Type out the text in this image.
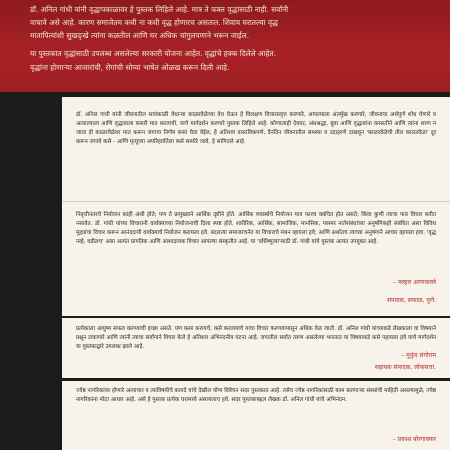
डॉ. अनिल गांधी यांनी वृद्धापकाळावर हे पुस्तक लिहिले आहे. मात्र ते फक्त वृद्धांसाठी नाही. सर्वांनी

वाचावे असे आहे. कारण समाजेतम कधी ना कधी वृद्ध होणारच असतात. शिवाय घरातल्या वृद्ध

मातापित्यांशी सुखद्ःखे त्यांना कळतील आणि घर अधिक चांगुलपणाने भरून जाईल.

या पुस्तकात वृद्धांसाठी उपलब्ध असलेल्या सरकारी योजना आहेत. वृद्धांचे हक्क दिलेले आहेत.

वृद्धांना होणाऱ्या आजारांची, रोगांची सोप्या भाषेत ओळख करून दिली आहे.

डॉ. अनिल गांधी यांनी जीवनातील सायंकाळी वेधाऱ्या काळरवेळेच्या वेध घेऊन हे विलक्षण विचारप्रवृत्त करणारे, आपल्याला अंतर्मुख करणारे, जीवनाचा अर्थपूर्ण शोध घेणारे व अत्याल्याला आणि वृद्धत्वाला कसरी मात करायची, याचे मार्गदर्शन करणारे पुस्तक लिहिले आहे. कोणालाही देवघर, अंधश्रद्धा, बुवा आणि वृद्धत्वांना कसरतीने आणि त्यांना शरण न जाता ही काळरवेळेवर मात करून जगाचा निर्णय कसा घेता येईल, हे अतिशय वास्तविकपणे, दैनंदिन जीवनातील समस्या व उदाहरणे दाखवून 'काळरवेळेची तील काळरवेळा' दूर करून जगावे कसे - आणि मृत्यूच्या अपरिहार्यतेला कसे सामोरे जावे, हे सांगितले आहे.

निवृत्तीनंतरचे नियोजन कांही अंशी होते; पण ते प्रामुख्याने आर्थिक दृष्टीने होते. आर्थिक व्यवस्थेचे नियोजन मात्र फारच क्वचित होत असते; किंवा कुणी त्याचा फार विचार करीत नसावेत. डॉ. गांधी यांच्या विचारानी वार्धक्याच्या नियोजनाची दिशा स्पष्ट होते. शारीरिक, आर्थिक, सामाजिक, मानसिक, परस्पर नातेसंबंधांच्या अनुषंगिकही संबंधित असा विविध मुद्द्यांचा विचार करून आनंददायी वार्धक्याचे नियोजन करायला हवे. बदलत्या समाजरचनेत या विचाराचे मंथन व्हायला हवे; आणि अर्थातच त्याच्या अनुषंगाने आचार व्हायला हवा. 'वृद्ध नव्हे, वडीलच' असा अत्यंत प्रागतिक आणि आशादायक विचार आपल्या संस्कृतीत आहे. या 'वर्धिष्णुत्या'साठी डॉ. गांधी यांचे पुस्तक अत्यंत उपयुक्त आहे.

– मल्हार अरणकल्ले
संपादक, सकाळ, पुणे.

प्रत्येकाला आयुष्य सफल करण्याची इच्छा असते. पण कसा करायचे, कसे करावयाचे याचा विचार करणयापासून अधिक वेळ जातो. डॉ. अनिल गांधी यांच्याकडे लेखकाला वा विषयाने प्रश्नून टाकणारे आणि त्यांनी त्याचा सर्वांगाने विचार केले हे अतिशय अभिनंदनीय घटना आहे. जगातील सर्वात तरुण असलेल्या भारतात या विषयाकडे कसे पहायला हवे याचे मार्गदर्शन या पुस्तकाद्वारे उपलब्ध झाले आहे.

– मुकुंद संगोराम
सहायक संपादक, लोकसत्ता.

ज्येष्ठ नागरिकांवर होणारे अत्याचार व त्यांविषयीचे कायदे यांचे देखील योग्य विवेचन सदर पुस्तकात आहे. तसेच ज्येष्ठ नागरिकांसाठी काम करणाऱ्या संस्थांची माहिती असल्यामुळे, ज्येष्ठ नागरिकांना मोठा आधार आहे. असे हे पुस्तक प्रत्येक घरामध्ये असायलाच हवे. सदर पुस्तकाबद्दल लेखक डॉ. अनिल गांधी यांचे अभिनंदन.

– प्रकाश बोरगावकर
